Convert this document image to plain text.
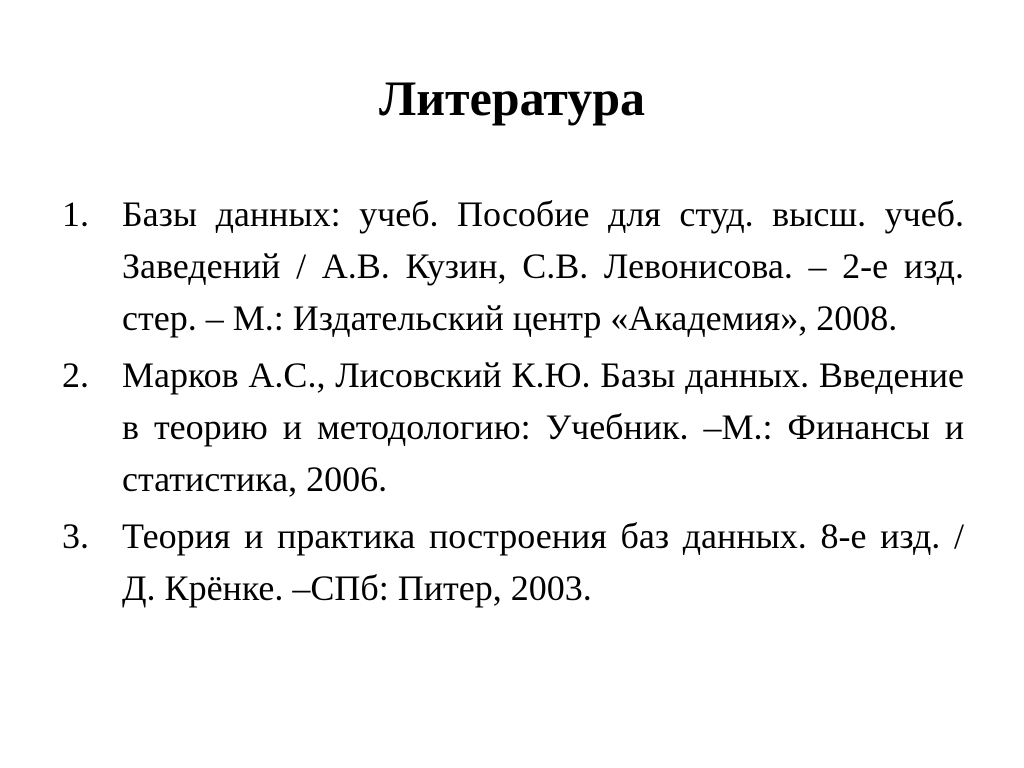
Литература
1. Базы данных: учеб. Пособие для студ. высш. учеб. Заведений / А.В. Кузин, С.В. Левонисова. – 2-е изд. стер. – М.: Издательский центр «Академия», 2008.
2. Марков А.С., Лисовский К.Ю. Базы данных. Введение в теорию и методологию: Учебник. –М.: Финансы и статистика, 2006.
3. Теория и практика построения баз данных. 8-е изд. / Д. Крёнке. –СПб: Питер, 2003.
